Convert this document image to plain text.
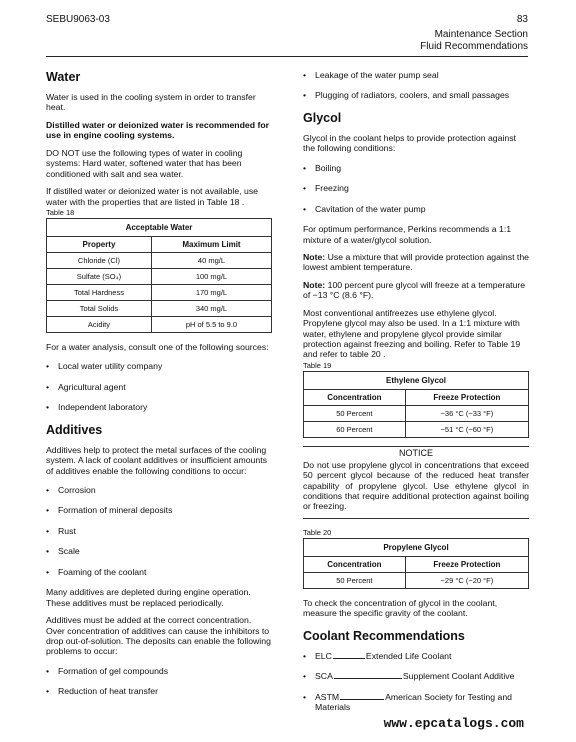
SEBU9063-03	83
Maintenance Section
Fluid Recommendations
Water

Water is used in the cooling system in order to transfer heat.

Distilled water or deionized water is recommended for use in engine cooling systems.

DO NOT use the following types of water in cooling systems: Hard water, softened water that has been conditioned with salt and sea water.

If distilled water or deionized water is not available, use water with the properties that are listed in Table 18 .

Table 18
Acceptable Water	
Property	Maximum Limit
Chloride (Cl)	40 mg/L
Sulfate (SO₄)	100 mg/L
Total Hardness	170 mg/L
Total Solids	340 mg/L
Acidity	pH of 5.5 to 9.0

For a water analysis, consult one of the following sources:

• Local water utility company
• Agricultural agent
• Independent laboratory
Additives

Additives help to protect the metal surfaces of the cooling system. A lack of coolant additives or insufficient amounts of additives enable the following conditions to occur:

• Corrosion
• Formation of mineral deposits
• Rust
• Scale
• Foaming of the coolant

Many additives are depleted during engine operation. These additives must be replaced periodically.

Additives must be added at the correct concentration. Over concentration of additives can cause the inhibitors to drop out-of-solution. The deposits can enable the following problems to occur:

• Formation of gel compounds
• Reduction of heat transfer
• Leakage of the water pump seal
• Plugging of radiators, coolers, and small passages
Glycol

Glycol in the coolant helps to provide protection against the following conditions:

• Boiling
• Freezing
• Cavitation of the water pump

For optimum performance, Perkins recommends a 1:1 mixture of a water/glycol solution.

Note: Use a mixture that will provide protection against the lowest ambient temperature.

Note: 100 percent pure glycol will freeze at a temperature of −13 °C (8.6 °F).

Most conventional antifreezes use ethylene glycol. Propylene glycol may also be used. In a 1:1 mixture with water, ethylene and propylene glycol provide similar protection against freezing and boiling. Refer to Table 19 and refer to table 20 .

Table 19
Ethylene Glycol	
Concentration	Freeze Protection
50 Percent	−36 °C (−33 °F)
60 Percent	−51 °C (−60 °F)
NOTICE

Do not use propylene glycol in concentrations that exceed 50 percent glycol because of the reduced heat transfer capability of propylene glycol. Use ethylene glycol in conditions that require additional protection against boiling or freezing.

Table 20
Propylene Glycol	
Concentration	Freeze Protection
50 Percent	−29 °C (−20 °F)

To check the concentration of glycol in the coolant, measure the specific gravity of the coolant.

Coolant Recommendations
• ELC	Extended Life Coolant
• SCA	Supplement Coolant Additive
• ASTM	American Society for Testing and Materials
www.epcatalogs.com
